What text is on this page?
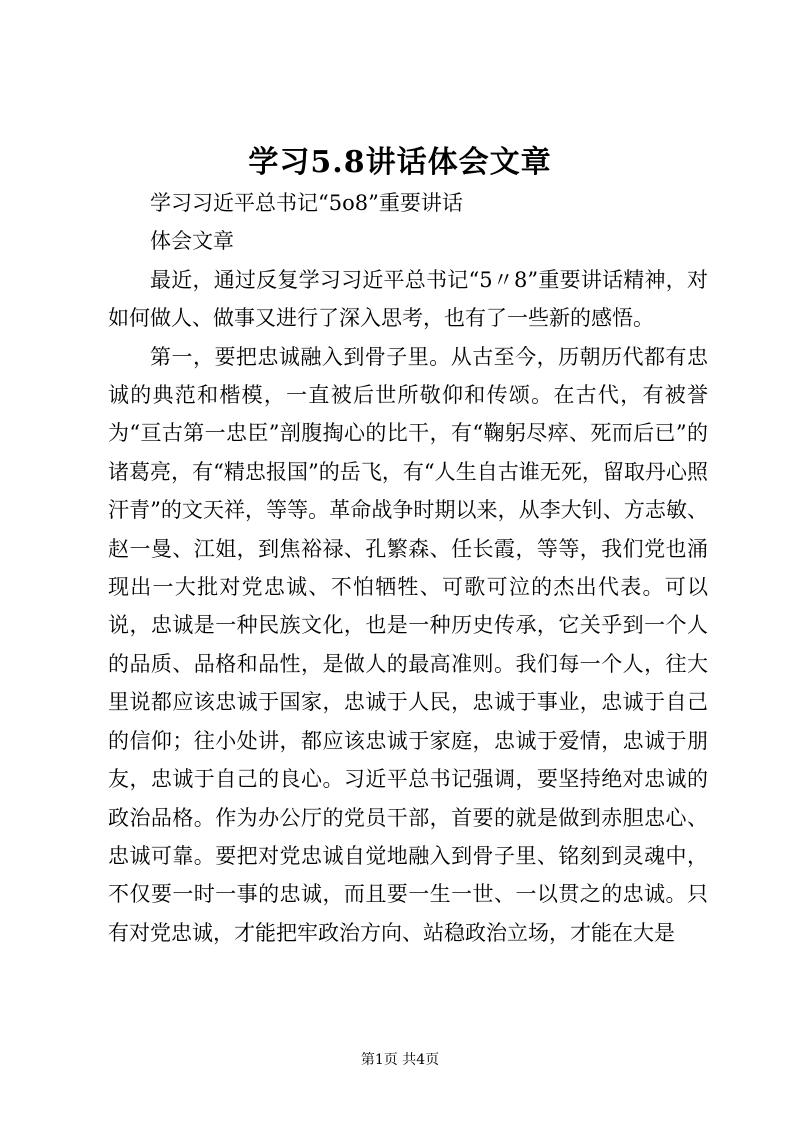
学习5.8讲话体会文章

学习习近平总书记“5o8”重要讲话

体会文章

最近，通过反复学习习近平总书记“5〃8”重要讲话精神，对如何做人、做事又进行了深入思考，也有了一些新的感悟。

第一，要把忠诚融入到骨子里。从古至今，历朝历代都有忠诚的典范和楷模，一直被后世所敬仰和传颂。在古代，有被誉为“亘古第一忠臣”剖腹掏心的比干，有“鞠躬尽瘁、死而后已”的诸葛亮，有“精忠报国”的岳飞，有“人生自古谁无死，留取丹心照汗青”的文天祥，等等。革命战争时期以来，从李大钊、方志敏、赵一曼、江姐，到焦裕禄、孔繁森、任长霞，等等，我们党也涌现出一大批对党忠诚、不怕牺牲、可歌可泣的杰出代表。可以说，忠诚是一种民族文化，也是一种历史传承，它关乎到一个人的品质、品格和品性，是做人的最高准则。我们每一个人，往大里说都应该忠诚于国家，忠诚于人民，忠诚于事业，忠诚于自己的信仰；往小处讲，都应该忠诚于家庭，忠诚于爱情，忠诚于朋友，忠诚于自己的良心。习近平总书记强调，要坚持绝对忠诚的政治品格。作为办公厅的党员干部，首要的就是做到赤胆忠心、忠诚可靠。要把对党忠诚自觉地融入到骨子里、铭刻到灵魂中，不仅要一时一事的忠诚，而且要一生一世、一以贯之的忠诚。只有对党忠诚，才能把牢政治方向、站稳政治立场，才能在大是

第1页 共4页
